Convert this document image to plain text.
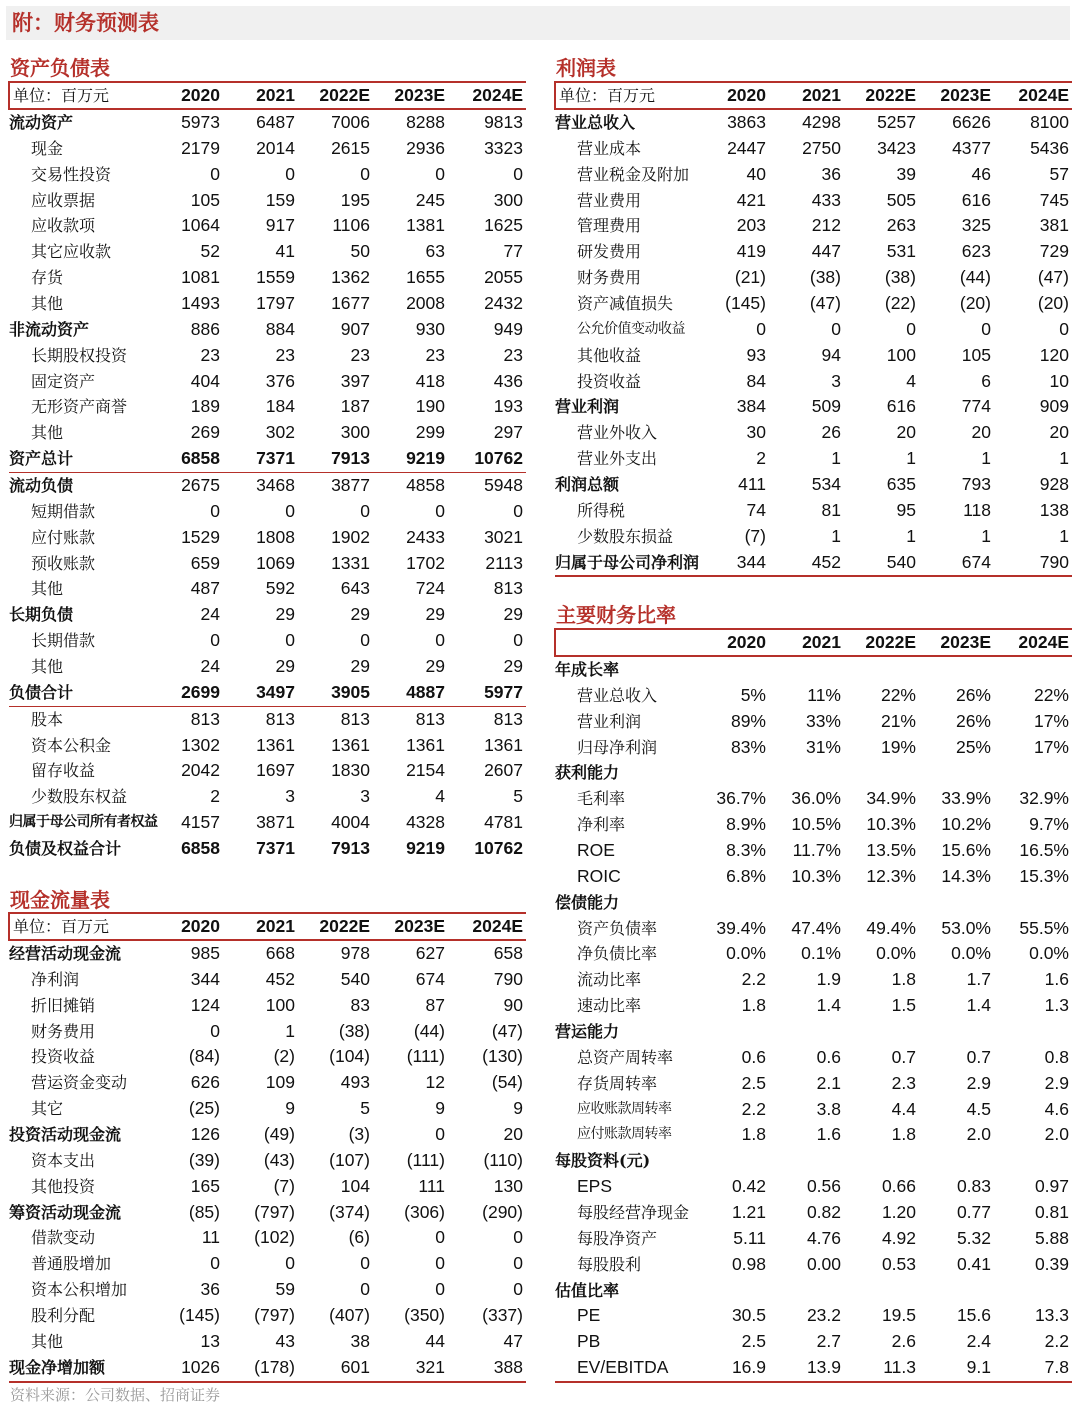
附：财务预测表
资产负债表
单位：百万元	2020	2021	2022E	2023E	2024E
流动资产	5973	6487	7006	8288	9813
现金	2179	2014	2615	2936	3323
交易性投资	0	0	0	0	0
应收票据	105	159	195	245	300
应收款项	1064	917	1106	1381	1625
其它应收款	52	41	50	63	77
存货	1081	1559	1362	1655	2055
其他	1493	1797	1677	2008	2432
非流动资产	886	884	907	930	949
长期股权投资	23	23	23	23	23
固定资产	404	376	397	418	436
无形资产商誉	189	184	187	190	193
其他	269	302	300	299	297
资产总计	6858	7371	7913	9219	10762
流动负债	2675	3468	3877	4858	5948
短期借款	0	0	0	0	0
应付账款	1529	1808	1902	2433	3021
预收账款	659	1069	1331	1702	2113
其他	487	592	643	724	813
长期负债	24	29	29	29	29
长期借款	0	0	0	0	0
其他	24	29	29	29	29
负债合计	2699	3497	3905	4887	5977
股本	813	813	813	813	813
资本公积金	1302	1361	1361	1361	1361
留存收益	2042	1697	1830	2154	2607
少数股东权益	2	3	3	4	5
归属于母公司所有者权益	4157	3871	4004	4328	4781
负债及权益合计	6858	7371	7913	9219	10762
现金流量表
单位：百万元	2020	2021	2022E	2023E	2024E
经营活动现金流	985	668	978	627	658
净利润	344	452	540	674	790
折旧摊销	124	100	83	87	90
财务费用	0	1	(38)	(44)	(47)
投资收益	(84)	(2)	(104)	(111)	(130)
营运资金变动	626	109	493	12	(54)
其它	(25)	9	5	9	9
投资活动现金流	126	(49)	(3)	0	20
资本支出	(39)	(43)	(107)	(111)	(110)
其他投资	165	(7)	104	111	130
筹资活动现金流	(85)	(797)	(374)	(306)	(290)
借款变动	11	(102)	(6)	0	0
普通股增加	0	0	0	0	0
资本公积增加	36	59	0	0	0
股利分配	(145)	(797)	(407)	(350)	(337)
其他	13	43	38	44	47
现金净增加额	1026	(178)	601	321	388
利润表
单位：百万元	2020	2021	2022E	2023E	2024E
营业总收入	3863	4298	5257	6626	8100
营业成本	2447	2750	3423	4377	5436
营业税金及附加	40	36	39	46	57
营业费用	421	433	505	616	745
管理费用	203	212	263	325	381
研发费用	419	447	531	623	729
财务费用	(21)	(38)	(38)	(44)	(47)
资产减值损失	(145)	(47)	(22)	(20)	(20)
公允价值变动收益	0	0	0	0	0
其他收益	93	94	100	105	120
投资收益	84	3	4	6	10
营业利润	384	509	616	774	909
营业外收入	30	26	20	20	20
营业外支出	2	1	1	1	1
利润总额	411	534	635	793	928
所得税	74	81	95	118	138
少数股东损益	(7)	1	1	1	1
归属于母公司净利润	344	452	540	674	790
主要财务比率
	2020	2021	2022E	2023E	2024E
年成长率					
营业总收入	5%	11%	22%	26%	22%
营业利润	89%	33%	21%	26%	17%
归母净利润	83%	31%	19%	25%	17%
获利能力					
毛利率	36.7%	36.0%	34.9%	33.9%	32.9%
净利率	8.9%	10.5%	10.3%	10.2%	9.7%
ROE	8.3%	11.7%	13.5%	15.6%	16.5%
ROIC	6.8%	10.3%	12.3%	14.3%	15.3%
偿债能力					
资产负债率	39.4%	47.4%	49.4%	53.0%	55.5%
净负债比率	0.0%	0.1%	0.0%	0.0%	0.0%
流动比率	2.2	1.9	1.8	1.7	1.6
速动比率	1.8	1.4	1.5	1.4	1.3
营运能力					
总资产周转率	0.6	0.6	0.7	0.7	0.8
存货周转率	2.5	2.1	2.3	2.9	2.9
应收账款周转率	2.2	3.8	4.4	4.5	4.6
应付账款周转率	1.8	1.6	1.8	2.0	2.0
每股资料(元)					
EPS	0.42	0.56	0.66	0.83	0.97
每股经营净现金	1.21	0.82	1.20	0.77	0.81
每股净资产	5.11	4.76	4.92	5.32	5.88
每股股利	0.98	0.00	0.53	0.41	0.39
估值比率					
PE	30.5	23.2	19.5	15.6	13.3
PB	2.5	2.7	2.6	2.4	2.2
EV/EBITDA	16.9	13.9	11.3	9.1	7.8
资料来源：公司数据、招商证券
